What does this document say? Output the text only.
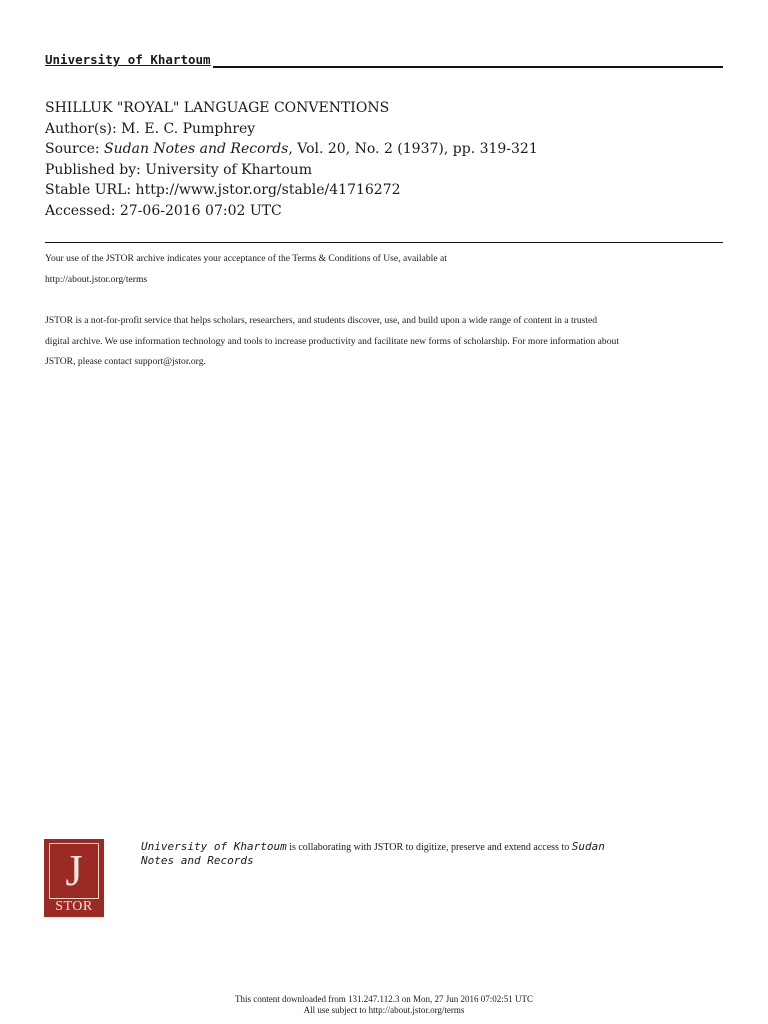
University of Khartoum
SHILLUK "ROYAL" LANGUAGE CONVENTIONS
Author(s): M. E. C. Pumphrey
Source: Sudan Notes and Records, Vol. 20, No. 2 (1937), pp. 319-321
Published by: University of Khartoum
Stable URL: http://www.jstor.org/stable/41716272
Accessed: 27-06-2016 07:02 UTC
Your use of the JSTOR archive indicates your acceptance of the Terms & Conditions of Use, available at
http://about.jstor.org/terms
JSTOR is a not-for-profit service that helps scholars, researchers, and students discover, use, and build upon a wide range of content in a trusted
digital archive. We use information technology and tools to increase productivity and facilitate new forms of scholarship. For more information about
JSTOR, please contact support@jstor.org.
J
STOR
University of Khartoum is collaborating with JSTOR to digitize, preserve and extend access to Sudan
Notes and Records
This content downloaded from 131.247.112.3 on Mon, 27 Jun 2016 07:02:51 UTC
All use subject to http://about.jstor.org/terms
